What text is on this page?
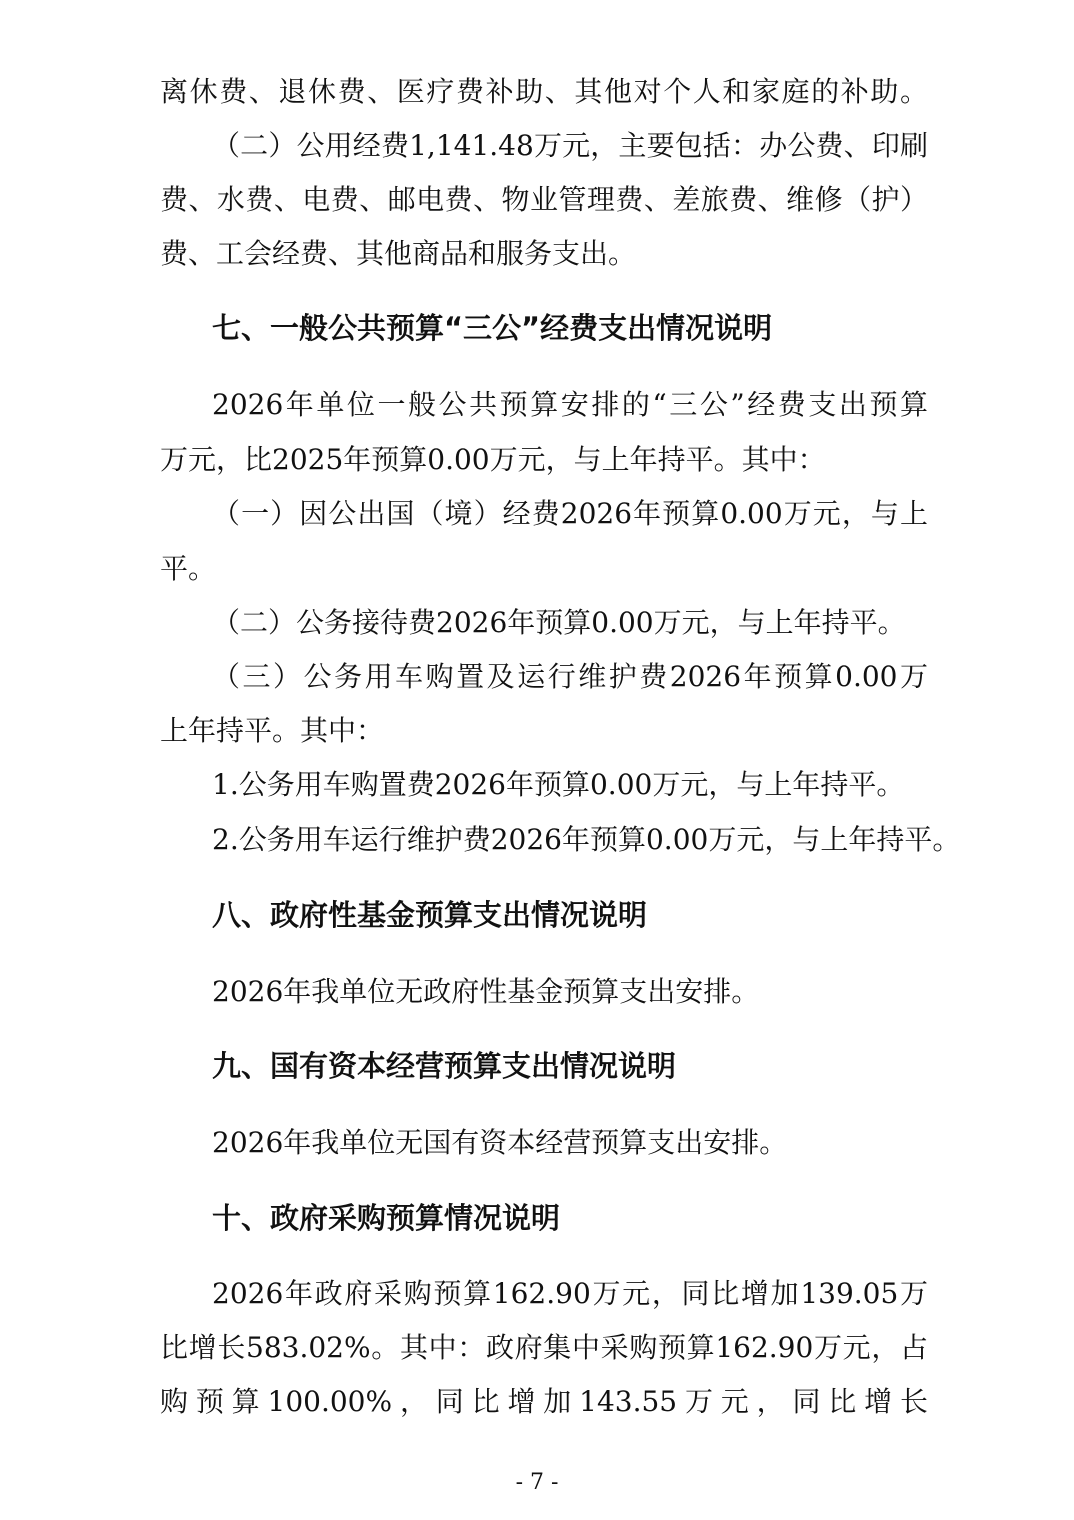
离休费、退休费、医疗费补助、其他对个人和家庭的补助。
（二）公用经费1,141.48万元，主要包括：办公费、印刷
费、水费、电费、邮电费、物业管理费、差旅费、维修（护）
费、工会经费、其他商品和服务支出。
七、一般公共预算“三公”经费支出情况说明
2026年单位一般公共预算安排的“三公”经费支出预算
万元，比2025年预算0.00万元，与上年持平。其中：
（一）因公出国（境）经费2026年预算0.00万元，与上
平。
（二）公务接待费2026年预算0.00万元，与上年持平。
（三）公务用车购置及运行维护费2026年预算0.00万
上年持平。其中：
1.公务用车购置费2026年预算0.00万元，与上年持平。
2.公务用车运行维护费2026年预算0.00万元，与上年持平。
八、政府性基金预算支出情况说明
2026年我单位无政府性基金预算支出安排。
九、国有资本经营预算支出情况说明
2026年我单位无国有资本经营预算支出安排。
十、政府采购预算情况说明
2026年政府采购预算162.90万元，同比增加139.05万
比增长583.02%。其中：政府集中采购预算162.90万元，占
购预算100.00%，同比增加143.55万元，同比增长
- 7 -
